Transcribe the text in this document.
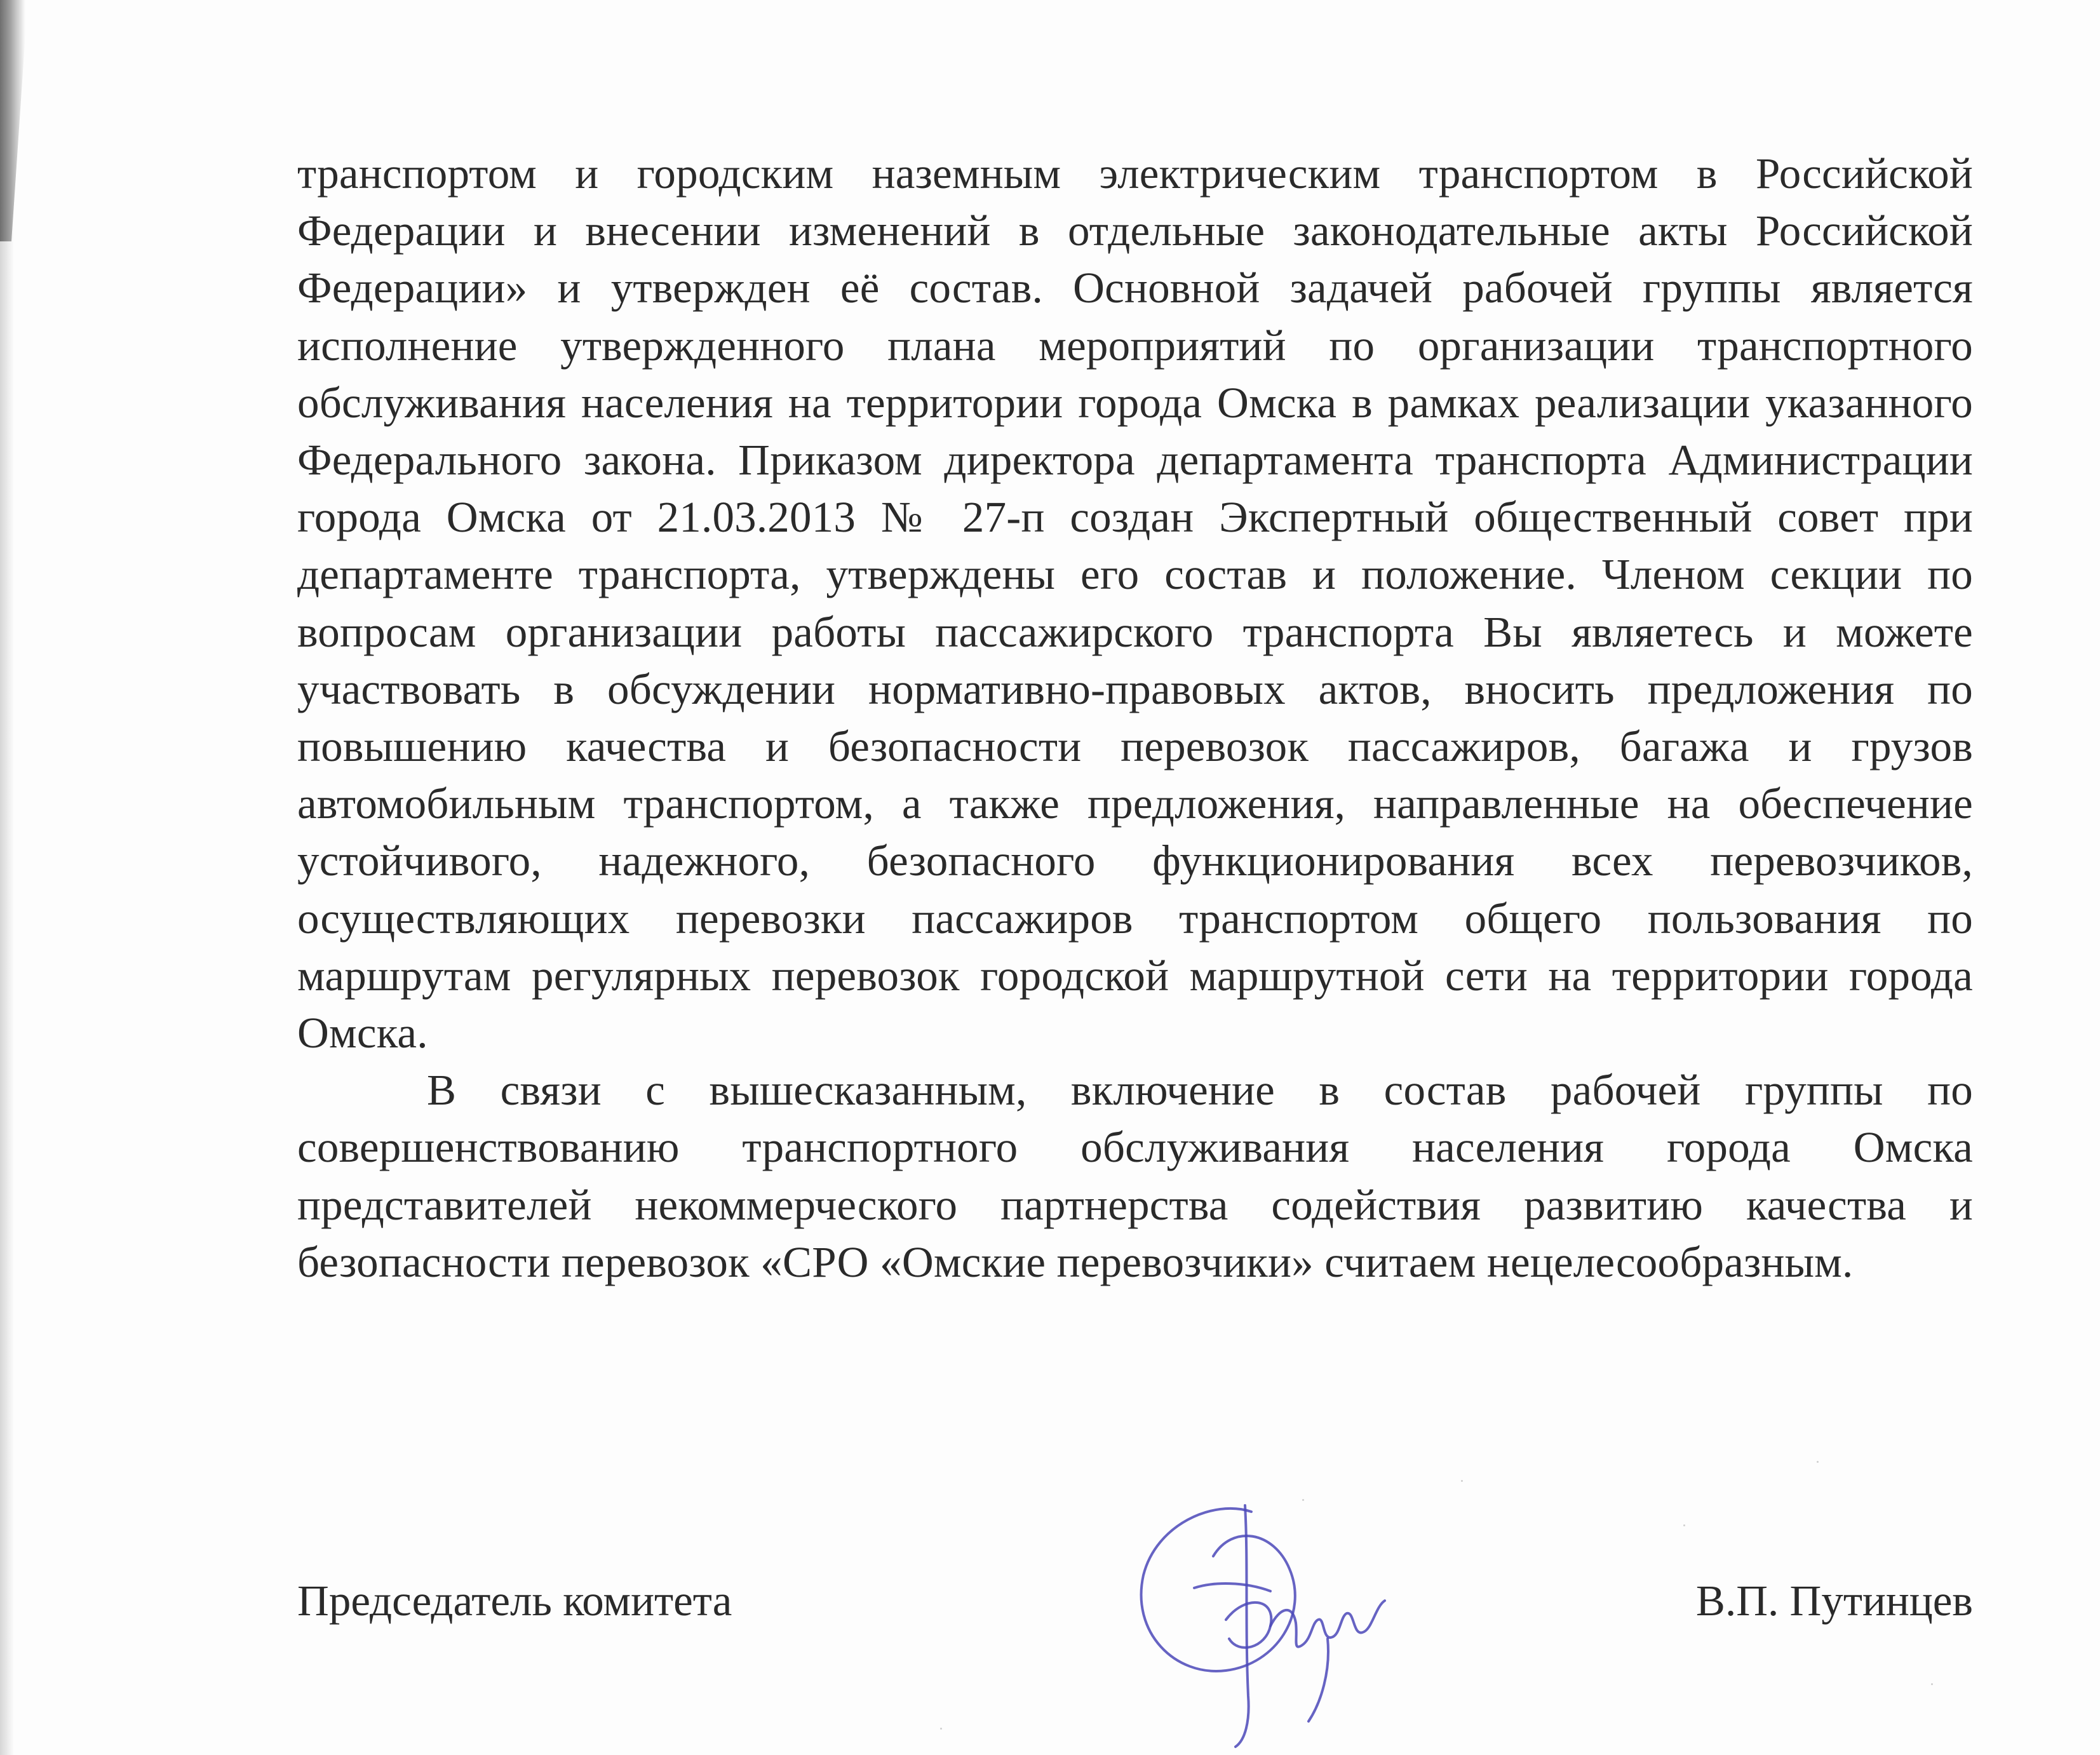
транспортом и городским наземным электрическим транспортом в Российской Федерации и внесении изменений в отдельные законодательные акты Российской Федерации» и утвержден её состав. Основной задачей рабочей группы является исполнение утвержденного плана мероприятий по организации транспортного обслуживания населения на территории города Омска в рамках реализации указанного Федерального закона. Приказом директора департамента транспорта Администрации города Омска от 21.03.2013 № 27-п создан Экспертный общественный совет при департаменте транспорта, утверждены его состав и положение. Членом секции по вопросам организации работы пассажирского транспорта Вы являетесь и можете участвовать в обсуждении нормативно-правовых актов, вносить предложения по повышению качества и безопасности перевозок пассажиров, багажа и грузов автомобильным транспортом, а также предложения, направленные на обеспечение устойчивого, надежного, безопасного функционирования всех перевозчиков, осуществляющих перевозки пассажиров транспортом общего пользования по маршрутам регулярных перевозок городской маршрутной сети на территории города Омска.

В связи с вышесказанным, включение в состав рабочей группы по совершенствованию транспортного обслуживания населения города Омска представителей некоммерческого партнерства содействия развитию качества и безопасности перевозок «СРО «Омские перевозчики» считаем нецелесообразным.

Председатель комитета	В.П. Путинцев
